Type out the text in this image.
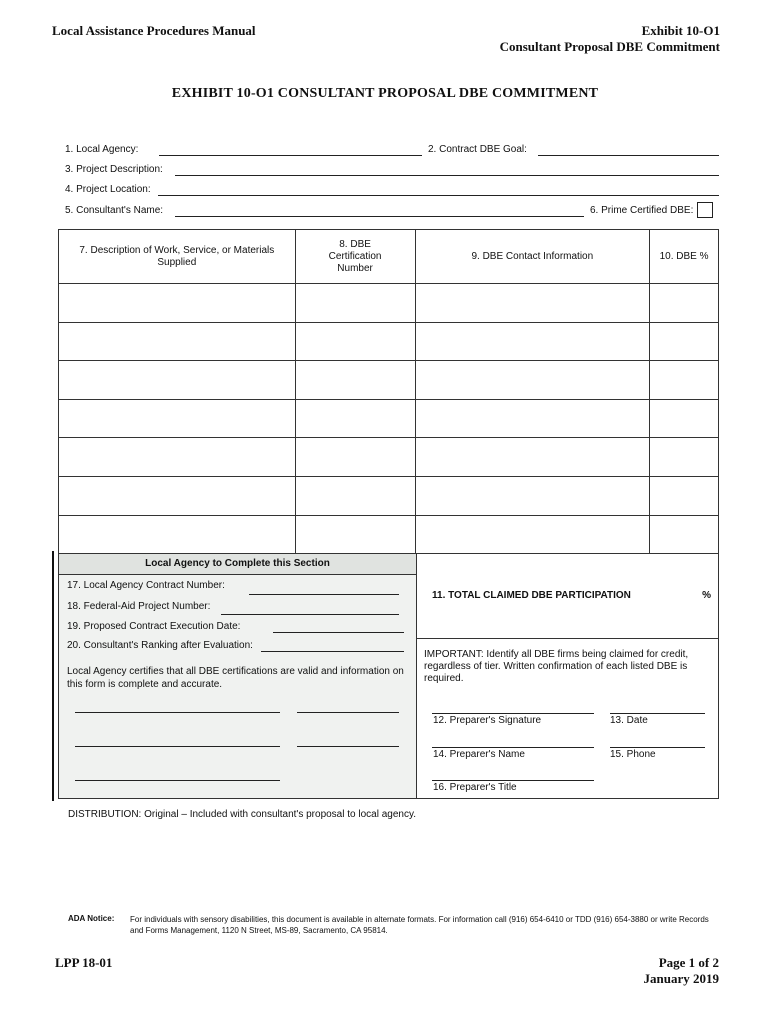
Local Assistance Procedures Manual	Exhibit 10-O1
Consultant Proposal DBE Commitment
EXHIBIT 10-O1 CONSULTANT PROPOSAL DBE COMMITMENT
1. Local Agency:	2. Contract DBE Goal:
3. Project Description:
4. Project Location:
5. Consultant's Name:	6. Prime Certified DBE:
7. Description of Work, Service, or Materials Supplied	8. DBE Certification Number	9. DBE Contact Information	10. DBE %

Local Agency to Complete this Section
17. Local Agency Contract Number:
18. Federal-Aid Project Number:
19. Proposed Contract Execution Date:
20. Consultant's Ranking after Evaluation:
Local Agency certifies that all DBE certifications are valid and information on this form is complete and accurate.
11. TOTAL CLAIMED DBE PARTICIPATION	%
IMPORTANT: Identify all DBE firms being claimed for credit, regardless of tier. Written confirmation of each listed DBE is required.
12. Preparer's Signature	13. Date
14. Preparer's Name	15. Phone
16. Preparer's Title
DISTRIBUTION: Original – Included with consultant's proposal to local agency.
ADA Notice: For individuals with sensory disabilities, this document is available in alternate formats. For information call (916) 654-6410 or TDD (916) 654-3880 or write Records and Forms Management, 1120 N Street, MS-89, Sacramento, CA 95814.
LPP 18-01	Page 1 of 2
January 2019
